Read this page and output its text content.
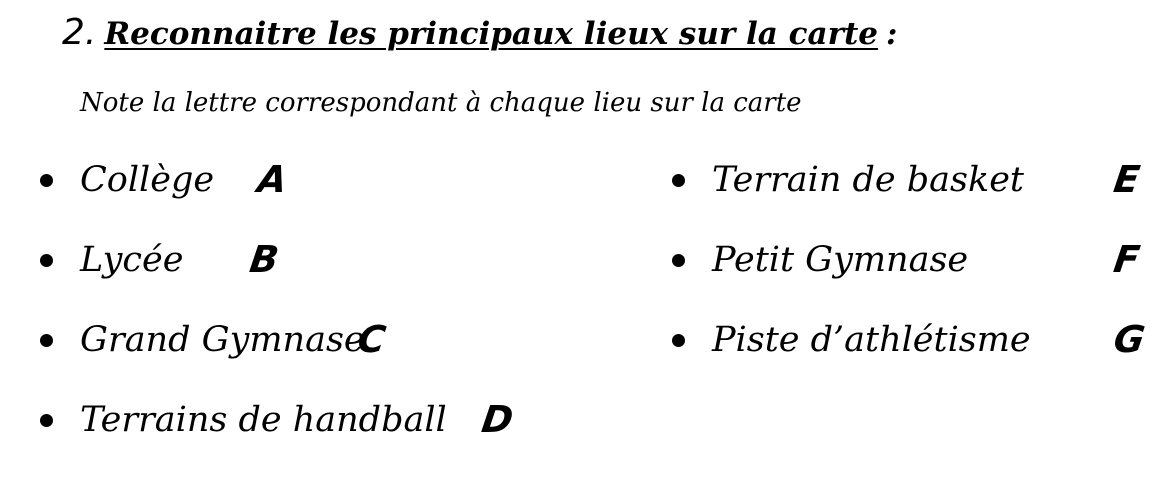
2. Reconnaitre les principaux lieux sur la carte :
Note la lettre correspondant à chaque lieu sur la carte
Collège A
Lycée B
Grand Gymnase
C
Terrains de handball D
Terrain de basket E
Petit Gymnase	F
Piste d’athlétisme G
